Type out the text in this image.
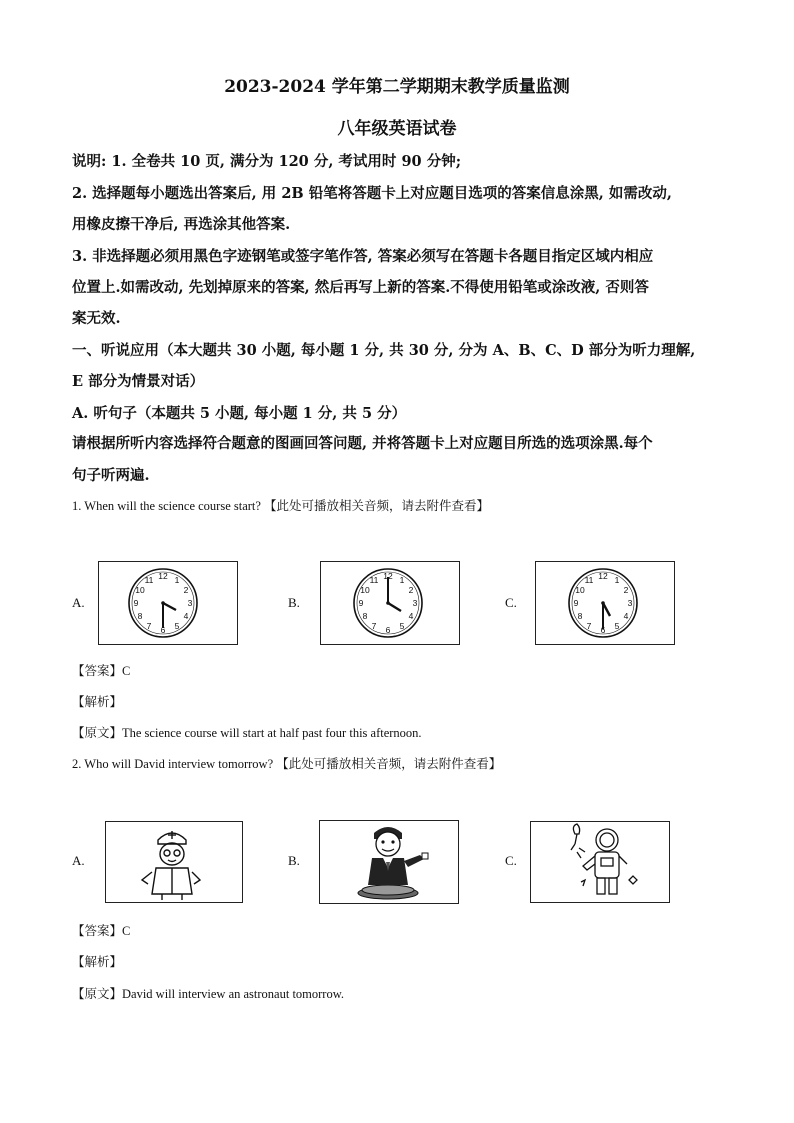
2023-2024 学年第二学期期末教学质量监测
八年级英语试卷
说明: 1. 全卷共 10 页, 满分为 120 分, 考试用时 90 分钟;
2. 选择题每小题选出答案后, 用 2B 铅笔将答题卡上对应题目选项的答案信息涂黑, 如需改动,
用橡皮擦干净后, 再选涂其他答案.
3. 非选择题必须用黑色字迹钢笔或签字笔作答, 答案必须写在答题卡各题目指定区域内相应
位置上.如需改动, 先划掉原来的答案, 然后再写上新的答案.不得使用铅笔或涂改液, 否则答
案无效.
一、听说应用（本大题共 30 小题, 每小题 1 分, 共 30 分, 分为 A、B、C、D 部分为听力理解,
E 部分为情景对话）
A. 听句子（本题共 5 小题, 每小题 1 分, 共 5 分）
请根据所听内容选择符合题意的图画回答问题, 并将答题卡上对应题目所选的选项涂黑.每个
句子听两遍.
1. When will the science course start? 【此处可播放相关音频，请去附件查看】
A.
12 1
2
3
4
5
6
7
8
9
10
11
B.
12 1
2
3
4
5
6
7
8
9
10
11
C.
12 1
2
3
4
5
6
7
8
9
10
11
【答案】C
【解析】
【原文】The science course will start at half past four this afternoon.
2. Who will David interview tomorrow? 【此处可播放相关音频，请去附件查看】
A.	B.	C.
【答案】C
【解析】
【原文】David will interview an astronaut tomorrow.
